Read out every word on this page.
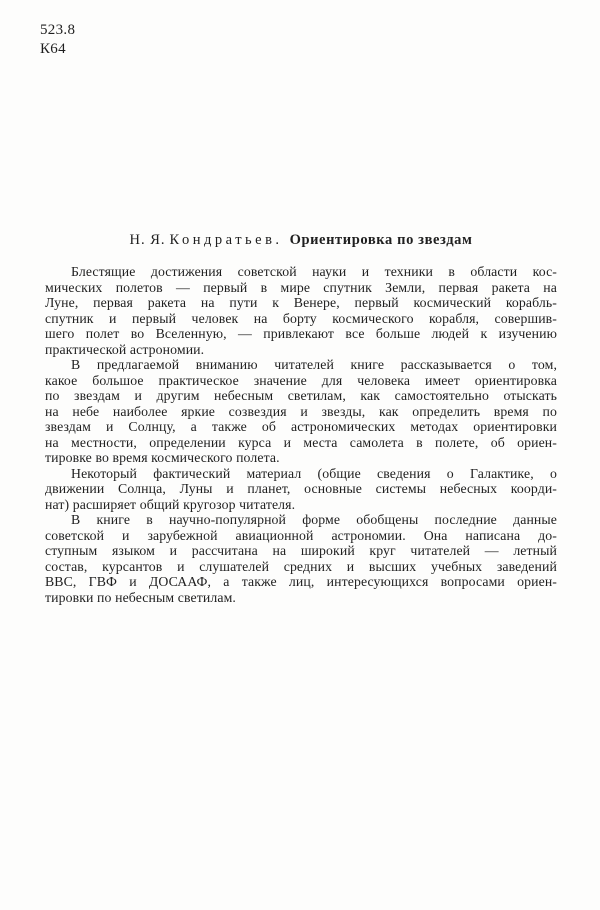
523.8
К64
Н. Я. Кондратьев. Ориентировка по звездам
Блестящие достижения советской науки и техники в области кос-
мических полетов — первый в мире спутник Земли, первая ракета на
Луне, первая ракета на пути к Венере, первый космический корабль-
спутник и первый человек на борту космического корабля, совершив-
шего полет во Вселенную, — привлекают все больше людей к изучению
практической астрономии.
В предлагаемой вниманию читателей книге рассказывается о том,
какое большое практическое значение для человека имеет ориентировка
по звездам и другим небесным светилам, как самостоятельно отыскать
на небе наиболее яркие созвездия и звезды, как определить время по
звездам и Солнцу, а также об астрономических методах ориентировки
на местности, определении курса и места самолета в полете, об ориен-
тировке во время космического полета.
Некоторый фактический материал (общие сведения о Галактике, о
движении Солнца, Луны и планет, основные системы небесных коорди-
нат) расширяет общий кругозор читателя.
В книге в научно-популярной форме обобщены последние данные
советской и зарубежной авиационной астрономии. Она написана до-
ступным языком и рассчитана на широкий круг читателей — летный
состав, курсантов и слушателей средних и высших учебных заведений
ВВС, ГВФ и ДОСААФ, а также лиц, интересующихся вопросами ориен-
тировки по небесным светилам.
